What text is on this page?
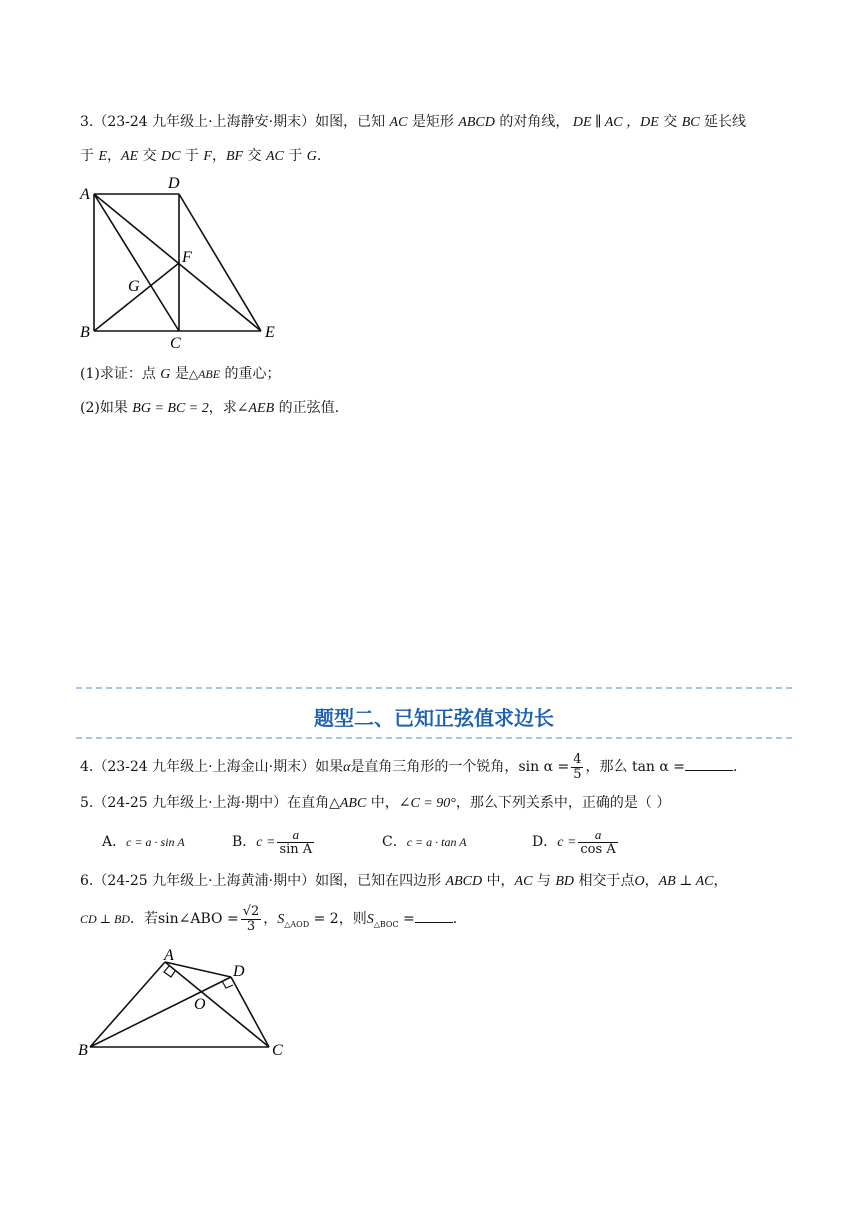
3.（23-24 九年级上·上海静安·期末）如图，已知 AC 是矩形 ABCD 的对角线， DE ∥ AC ，DE 交 BC 延长线
于 E，AE 交 DC 于 F，BF 交 AC 于 G.
A
D
F
G
B
C
E
(1)求证：点 G 是△ABE 的重心；
(2)如果 BG = BC = 2，求∠AEB 的正弦值.
题型二、已知正弦值求边长
4.（23-24 九年级上·上海金山·期末）如果α是直角三角形的一个锐角，$\sin \alpha = \frac{4}{5}$ ，那么 tan α =	.
5.（24-25 九年级上·上海·期中）在直角△ABC 中，∠C = 90°，那么下列关系中，正确的是（ ）
A．c = a · sin A	B．$c = \frac{a}{\text{sin A}}$	C．c = a · tan A	D．$c = \frac{a}{\text{cos A}}$
6.（24-25 九年级上·上海黄浦·期中）如图，已知在四边形 ABCD 中，AC 与 BD 相交于点O，AB ⊥ AC，
CD ⊥ BD．若sin∠ABO = $\frac{√2}{3}$ ，$S_{\triangle AOD} = 2$，则$S_{\triangle BOC}$ =	.
A
D
O
B	C
